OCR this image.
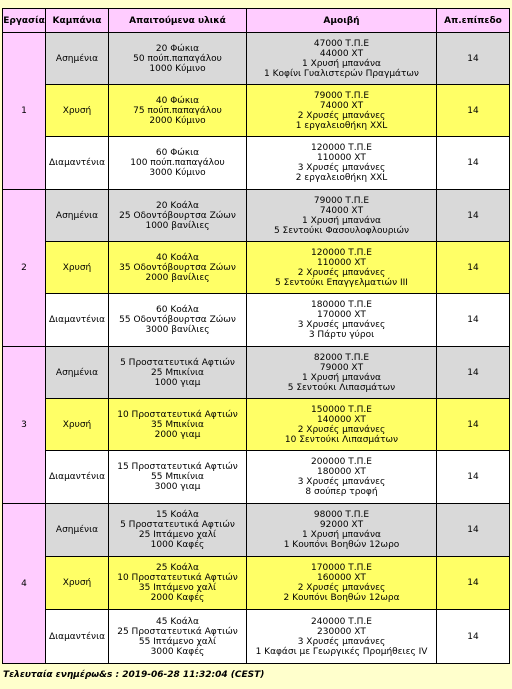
Εργασία	Καμπάνια	Απαιτούμενα υλικά	Αμοιβή	Απ.επίπεδο
1	Ασημένια	20 Φώκια
50 πούπ.παπαγάλου
1000 Κύμινο	47000 Τ.Π.Ε
44000 ΧΤ
1 Χρυσή μπανάνα
1 Κοφίνι Γυαλιστερών Πραγμάτων	14
	Χρυσή	40 Φώκια
75 πούπ.παπαγάλου
2000 Κύμινο	79000 Τ.Π.Ε
74000 ΧΤ
2 Χρυσές μπανάνες
1 εργαλειοθήκη XXL	14
	Διαμαντένια	60 Φώκια
100 πούπ.παπαγάλου
3000 Κύμινο	120000 Τ.Π.Ε
110000 ΧΤ
3 Χρυσές μπανάνες
2 εργαλειοθήκη XXL	14
2	Ασημένια	20 Κοάλα
25 Οδοντόβουρτσα Ζώων
1000 βανίλιες	79000 Τ.Π.Ε
74000 ΧΤ
1 Χρυσή μπανάνα
5 Σεντούκι Φασουλοφλουριών	14
	Χρυσή	40 Κοάλα
35 Οδοντόβουρτσα Ζώων
2000 βανίλιες	120000 Τ.Π.Ε
110000 ΧΤ
2 Χρυσές μπανάνες
5 Σεντούκι Επαγγελματιών III	14
	Διαμαντένια	60 Κοάλα
55 Οδοντόβουρτσα Ζώων
3000 βανίλιες	180000 Τ.Π.Ε
170000 ΧΤ
3 Χρυσές μπανάνες
3 Πάρτυ γύροι	14
3	Ασημένια	5 Προστατευτικά Αφτιών
25 Μπικίνια
1000 γιαμ	82000 Τ.Π.Ε
79000 ΧΤ
1 Χρυσή μπανάνα
5 Σεντούκι Λιπασμάτων	14
	Χρυσή	10 Προστατευτικά Αφτιών
35 Μπικίνια
2000 γιαμ	150000 Τ.Π.Ε
140000 ΧΤ
2 Χρυσές μπανάνες
10 Σεντούκι Λιπασμάτων	14
	Διαμαντένια	15 Προστατευτικά Αφτιών
55 Μπικίνια
3000 γιαμ	200000 Τ.Π.Ε
180000 ΧΤ
3 Χρυσές μπανάνες
8 σούπερ τροφή	14
4	Ασημένια	15 Κοάλα
5 Προστατευτικά Αφτιών
25 Ιπτάμενο χαλί
1000 Καφές	98000 Τ.Π.Ε
92000 ΧΤ
1 Χρυσή μπανάνα
1 Κουπόνι Βοηθών 12ωρο	14
	Χρυσή	25 Κοάλα
10 Προστατευτικά Αφτιών
35 Ιπτάμενο χαλί
2000 Καφές	170000 Τ.Π.Ε
160000 ΧΤ
2 Χρυσές μπανάνες
2 Κουπόνι Βοηθών 12ωρα	14
	Διαμαντένια	45 Κοάλα
25 Προστατευτικά Αφτιών
55 Ιπτάμενο χαλί
3000 Καφές	240000 Τ.Π.Ε
230000 ΧΤ
3 Χρυσές μπανάνες
1 Καφάσι με Γεωργικές Προμήθειες IV	14
Τελευταία ενημέρω&s : 2019-06-28 11:32:04 (CEST)
